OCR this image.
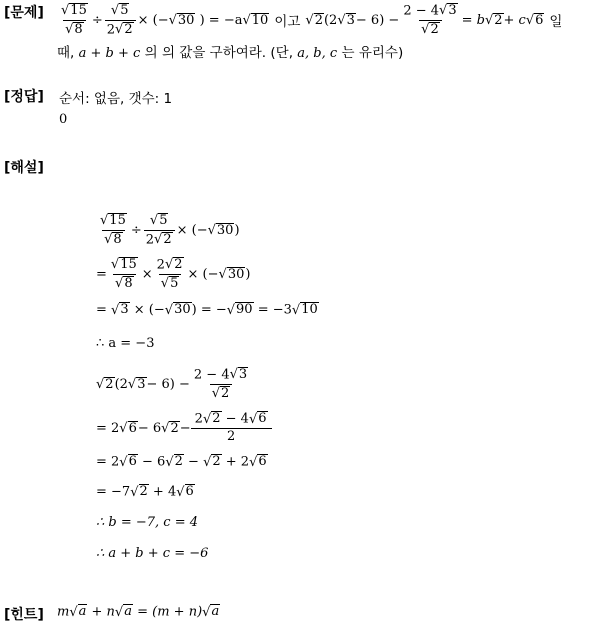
[문제]
[정답]
[해설]
[힌트]
$\frac{√ 15}{√ 8} \div \frac{√ 5}{2 √ 2}$ × (− √ 30
) = −a √ 10 이고 √ 2 (2 √ $3 - 6) - \frac{2 - 4 √ 3}{√ 2} = b$ √ 2 + c √ 6 일
때, a + b + c 의 의 값을 구하여라. (단, a, b, c 는 유리수)
순서: 없음, 갯수: 1
0
$\frac{√ 15}{√ 8} \div \frac{√ 5}{2 √ 2}$ × (− √ 30 )
= $\frac{√ 15}{√ 8} \times \frac{2 √ 2}{√ 5}$ × (− √ 30 )
= √ 3 × (− √ 30 ) = − √ 90 = −3 √ 10
∴ a = −3
√ 2 (2 √ $3 - 6) - \frac{2 - 4 √ 3}{√ 2}$
= 2 √ 6 − 6 √ $2 - \frac{2 √ 2 - 4 √ 6}{2}$
= 2 √ 6 − 6 √ 2 − √ 2 + 2 √ 6
= −7 √ 2 + 4 √ 6
∴ b = −7, c = 4
∴ a + b + c = −6
m √ a + n √ a = (m + n) √ a
